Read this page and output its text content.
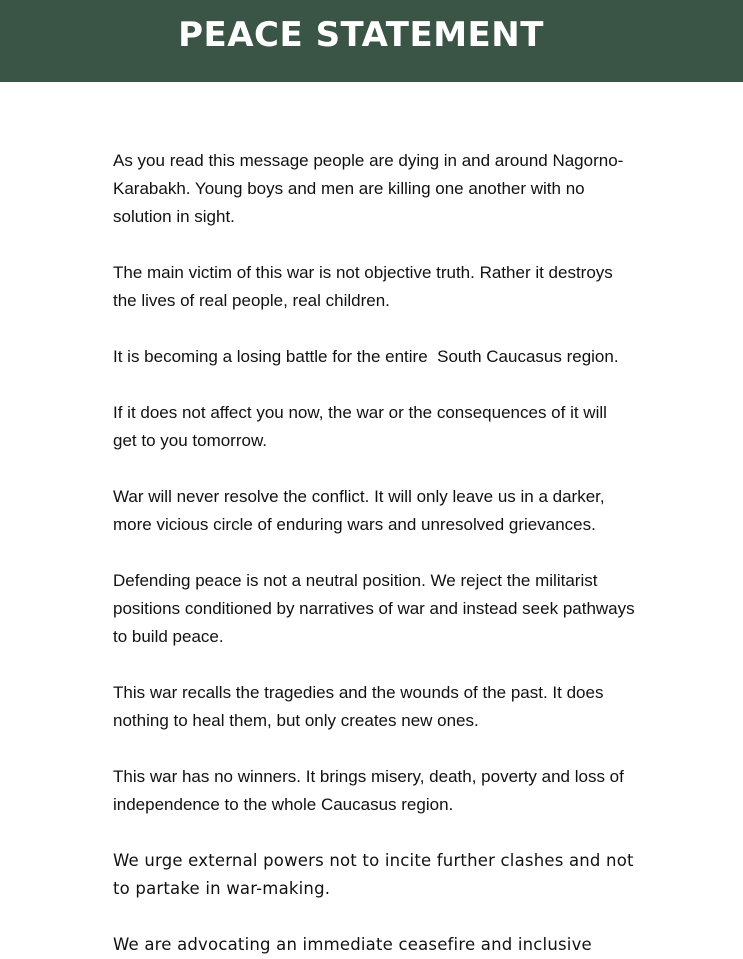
PEACE STATEMENT

As you read this message people are dying in and around Nagorno-
Karabakh. Young boys and men are killing one another with no
solution in sight.

The main victim of this war is not objective truth. Rather it destroys
the lives of real people, real children.

It is becoming a losing battle for the entire  South Caucasus region.

If it does not affect you now, the war or the consequences of it will
get to you tomorrow.

War will never resolve the conflict. It will only leave us in a darker,
more vicious circle of enduring wars and unresolved grievances.

Defending peace is not a neutral position. We reject the militarist
positions conditioned by narratives of war and instead seek pathways
to build peace.

This war recalls the tragedies and the wounds of the past. It does
nothing to heal them, but only creates new ones.

This war has no winners. It brings misery, death, poverty and loss of
independence to the whole Caucasus region.

We urge external powers not to incite further clashes and not
to partake in war-making.

We are advocating an immediate ceasefire and inclusive
